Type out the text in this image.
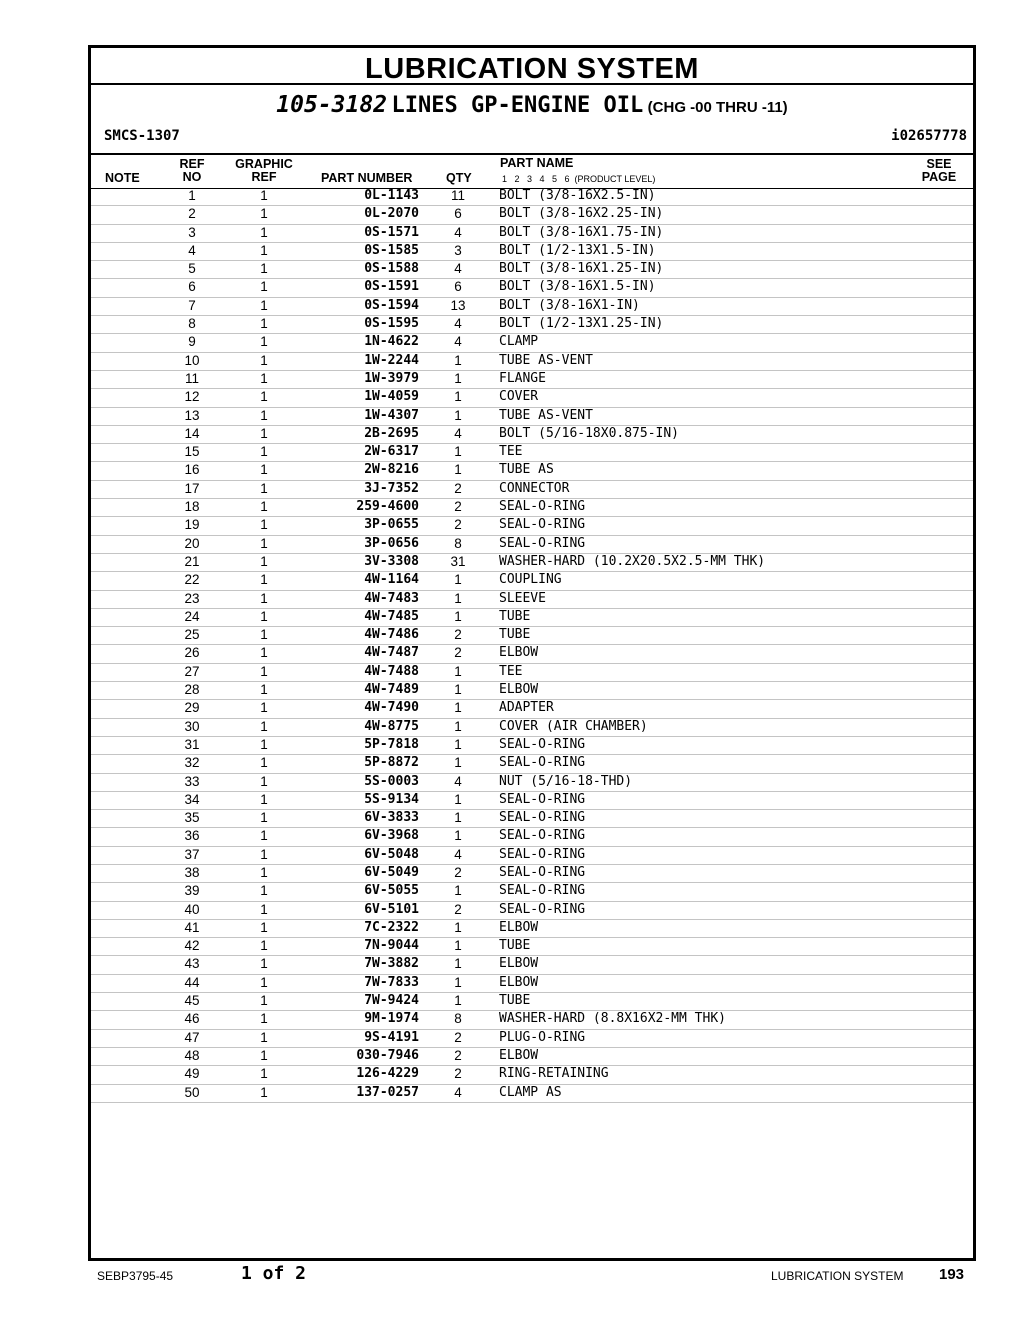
LUBRICATION SYSTEM
105-3182 LINES GP-ENGINE OIL (CHG -00 THRU -11)
SMCS-1307	i02657778
NOTE
REF
NO
GRAPHIC
REF	PART NUMBER	QTY
PART NAME
1   2   3   4   5   6  (PRODUCT LEVEL)
SEE
PAGE
1	1	0L-1143	11	BOLT (3/8-16X2.5-IN)
2	1	0L-2070	6	BOLT (3/8-16X2.25-IN)
3	1	0S-1571	4	BOLT (3/8-16X1.75-IN)
4	1	0S-1585	3	BOLT (1/2-13X1.5-IN)
5	1	0S-1588	4	BOLT (3/8-16X1.25-IN)
6	1	0S-1591	6	BOLT (3/8-16X1.5-IN)
7	1	0S-1594	13	BOLT (3/8-16X1-IN)
8	1	0S-1595	4	BOLT (1/2-13X1.25-IN)
9	1	1N-4622	4	CLAMP
10	1	1W-2244	1	TUBE AS-VENT
11	1	1W-3979	1	FLANGE
12	1	1W-4059	1	COVER
13	1	1W-4307	1	TUBE AS-VENT
14	1	2B-2695	4	BOLT (5/16-18X0.875-IN)
15	1	2W-6317	1	TEE
16	1	2W-8216	1	TUBE AS
17	1	3J-7352	2	CONNECTOR
18	1	259-4600	2	SEAL-O-RING
19	1	3P-0655	2	SEAL-O-RING
20	1	3P-0656	8	SEAL-O-RING
21	1	3V-3308	31	WASHER-HARD (10.2X20.5X2.5-MM THK)
22	1	4W-1164	1	COUPLING
23	1	4W-7483	1	SLEEVE
24	1	4W-7485	1	TUBE
25	1	4W-7486	2	TUBE
26	1	4W-7487	2	ELBOW
27	1	4W-7488	1	TEE
28	1	4W-7489	1	ELBOW
29	1	4W-7490	1	ADAPTER
30	1	4W-8775	1	COVER (AIR CHAMBER)
31	1	5P-7818	1	SEAL-O-RING
32	1	5P-8872	1	SEAL-O-RING
33	1	5S-0003	4	NUT (5/16-18-THD)
34	1	5S-9134	1	SEAL-O-RING
35	1	6V-3833	1	SEAL-O-RING
36	1	6V-3968	1	SEAL-O-RING
37	1	6V-5048	4	SEAL-O-RING
38	1	6V-5049	2	SEAL-O-RING
39	1	6V-5055	1	SEAL-O-RING
40	1	6V-5101	2	SEAL-O-RING
41	1	7C-2322	1	ELBOW
42	1	7N-9044	1	TUBE
43	1	7W-3882	1	ELBOW
44	1	7W-7833	1	ELBOW
45	1	7W-9424	1	TUBE
46	1	9M-1974	8	WASHER-HARD (8.8X16X2-MM THK)
47	1	9S-4191	2	PLUG-O-RING
48	1	030-7946	2	ELBOW
49	1	126-4229	2	RING-RETAINING
50	1	137-0257	4	CLAMP AS
SEBP3795-45	1 of 2	LUBRICATION SYSTEM 193
